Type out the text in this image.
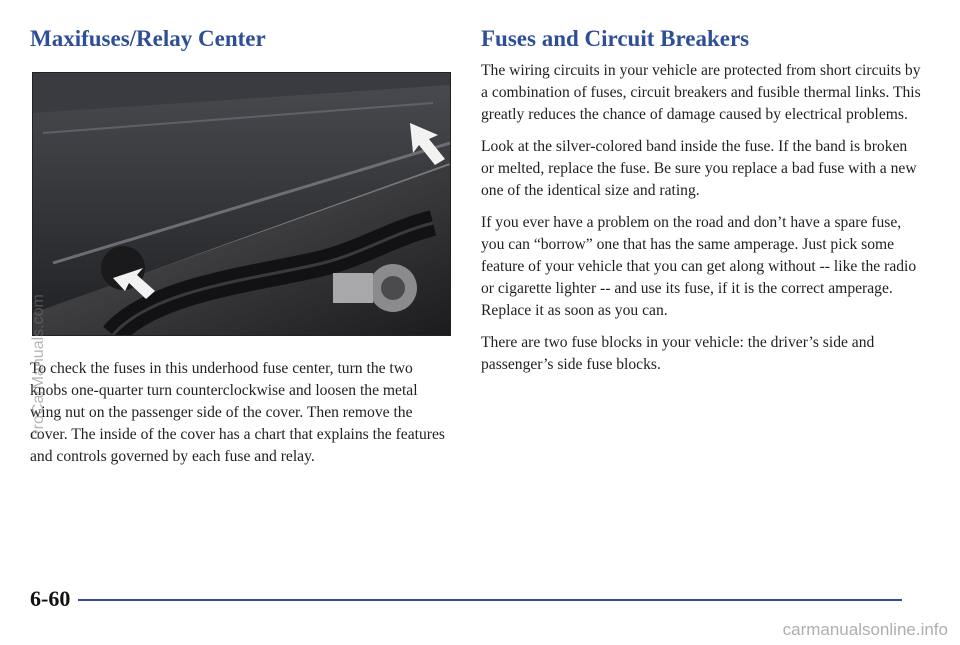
Maxifuses/Relay Center

To check the fuses in this underhood fuse center, turn the two knobs one-quarter turn counterclockwise and loosen the metal wing nut on the passenger side of the cover. Then remove the cover. The inside of the cover has a chart that explains the features and controls governed by each fuse and relay.

Fuses and Circuit Breakers

The wiring circuits in your vehicle are protected from short circuits by a combination of fuses, circuit breakers and fusible thermal links. This greatly reduces the chance of damage caused by electrical problems.

Look at the silver-colored band inside the fuse. If the band is broken or melted, replace the fuse. Be sure you replace a bad fuse with a new one of the identical size and rating.

If you ever have a problem on the road and don’t have a spare fuse, you can “borrow” one that has the same amperage. Just pick some feature of your vehicle that you can get along without -- like the radio or cigarette lighter -- and use its fuse, if it is the correct amperage. Replace it as soon as you can.

There are two fuse blocks in your vehicle: the driver’s side and passenger’s side fuse blocks.

6-60
ProCarManuals.com
carmanualsonline.info
